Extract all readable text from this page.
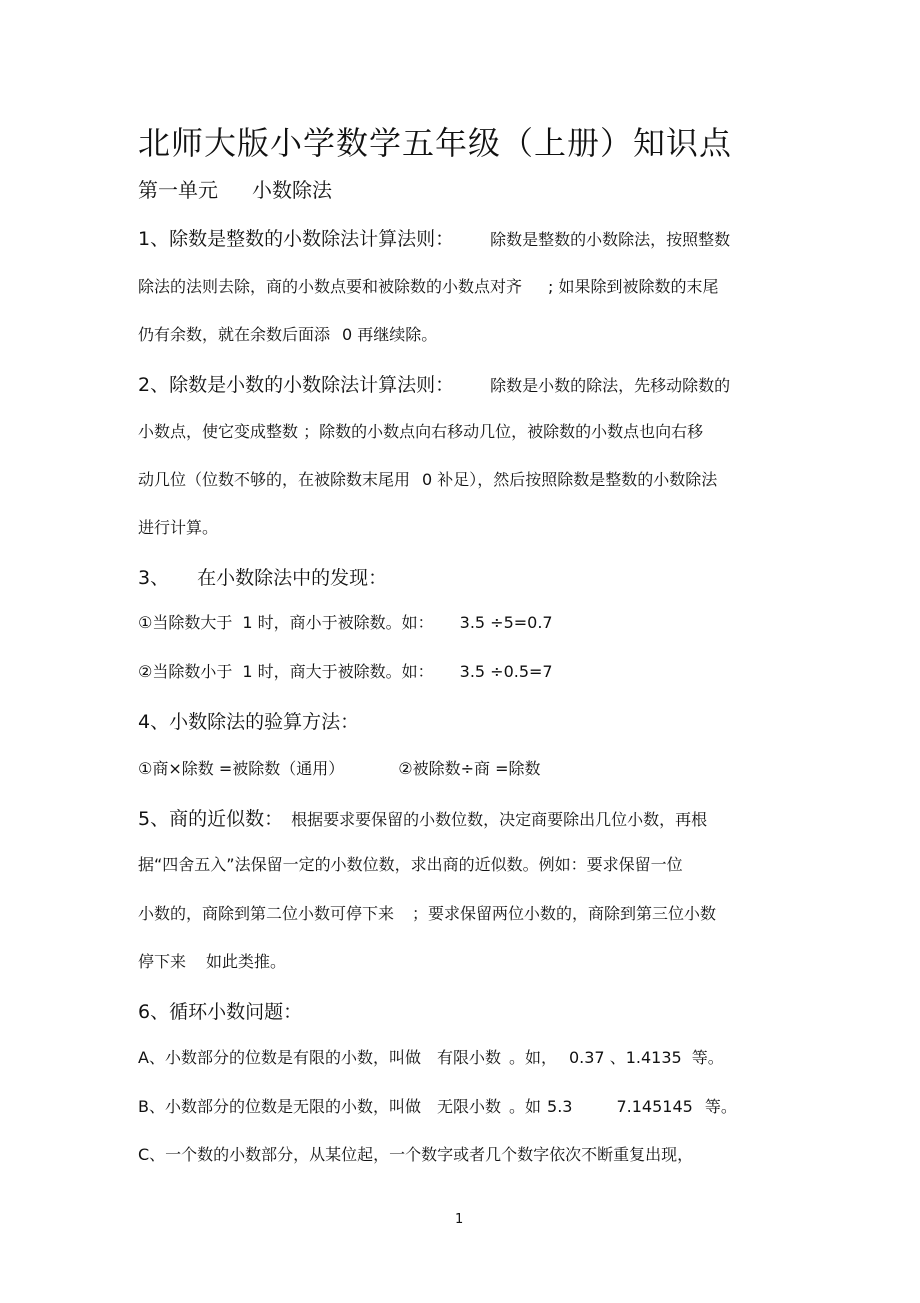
北师大版小学数学五年级（上册）知识点
第一单元 小数除法
1、除数是整数的小数除法计算法则： 除数是整数的小数除法，按照整数
除法的法则去除，商的小数点要和被除数的小数点对齐 ; 如果除到被除数的末尾
仍有余数，就在余数后面添 0 再继续除。
2、除数是小数的小数除法计算法则： 除数是小数的除法，先移动除数的
小数点，使它变成整数 ；除数的小数点向右移动几位，被除数的小数点也向右移
动几位（位数不够的，在被除数末尾用 0 补足），然后按照除数是整数的小数除法
进行计算。
3、 在小数除法中的发现：
①当除数大于 1 时，商小于被除数。如： 3.5 ÷5=0.7
②当除数小于 1 时，商大于被除数。如： 3.5 ÷0.5=7
4、小数除法的验算方法：
①商×除数 =被除数（通用）	②被除数÷商 =除数
5、商的近似数： 根据要求要保留的小数位数，决定商要除出几位小数，再根
据“四舍五入”法保留一定的小数位数，求出商的近似数。例如：要求保留一位
小数的，商除到第二位小数可停下来 ；要求保留两位小数的，商除到第三位小数
停下来 如此类推。
6、循环小数问题：
A、小数部分的位数是有限的小数，叫做 有限小数 。如， 0.37 、1.4135 等。
B、小数部分的位数是无限的小数，叫做 无限小数 。如 5.3	7.145145 等。
C、一个数的小数部分，从某位起，一个数字或者几个数字依次不断重复出现，
1
